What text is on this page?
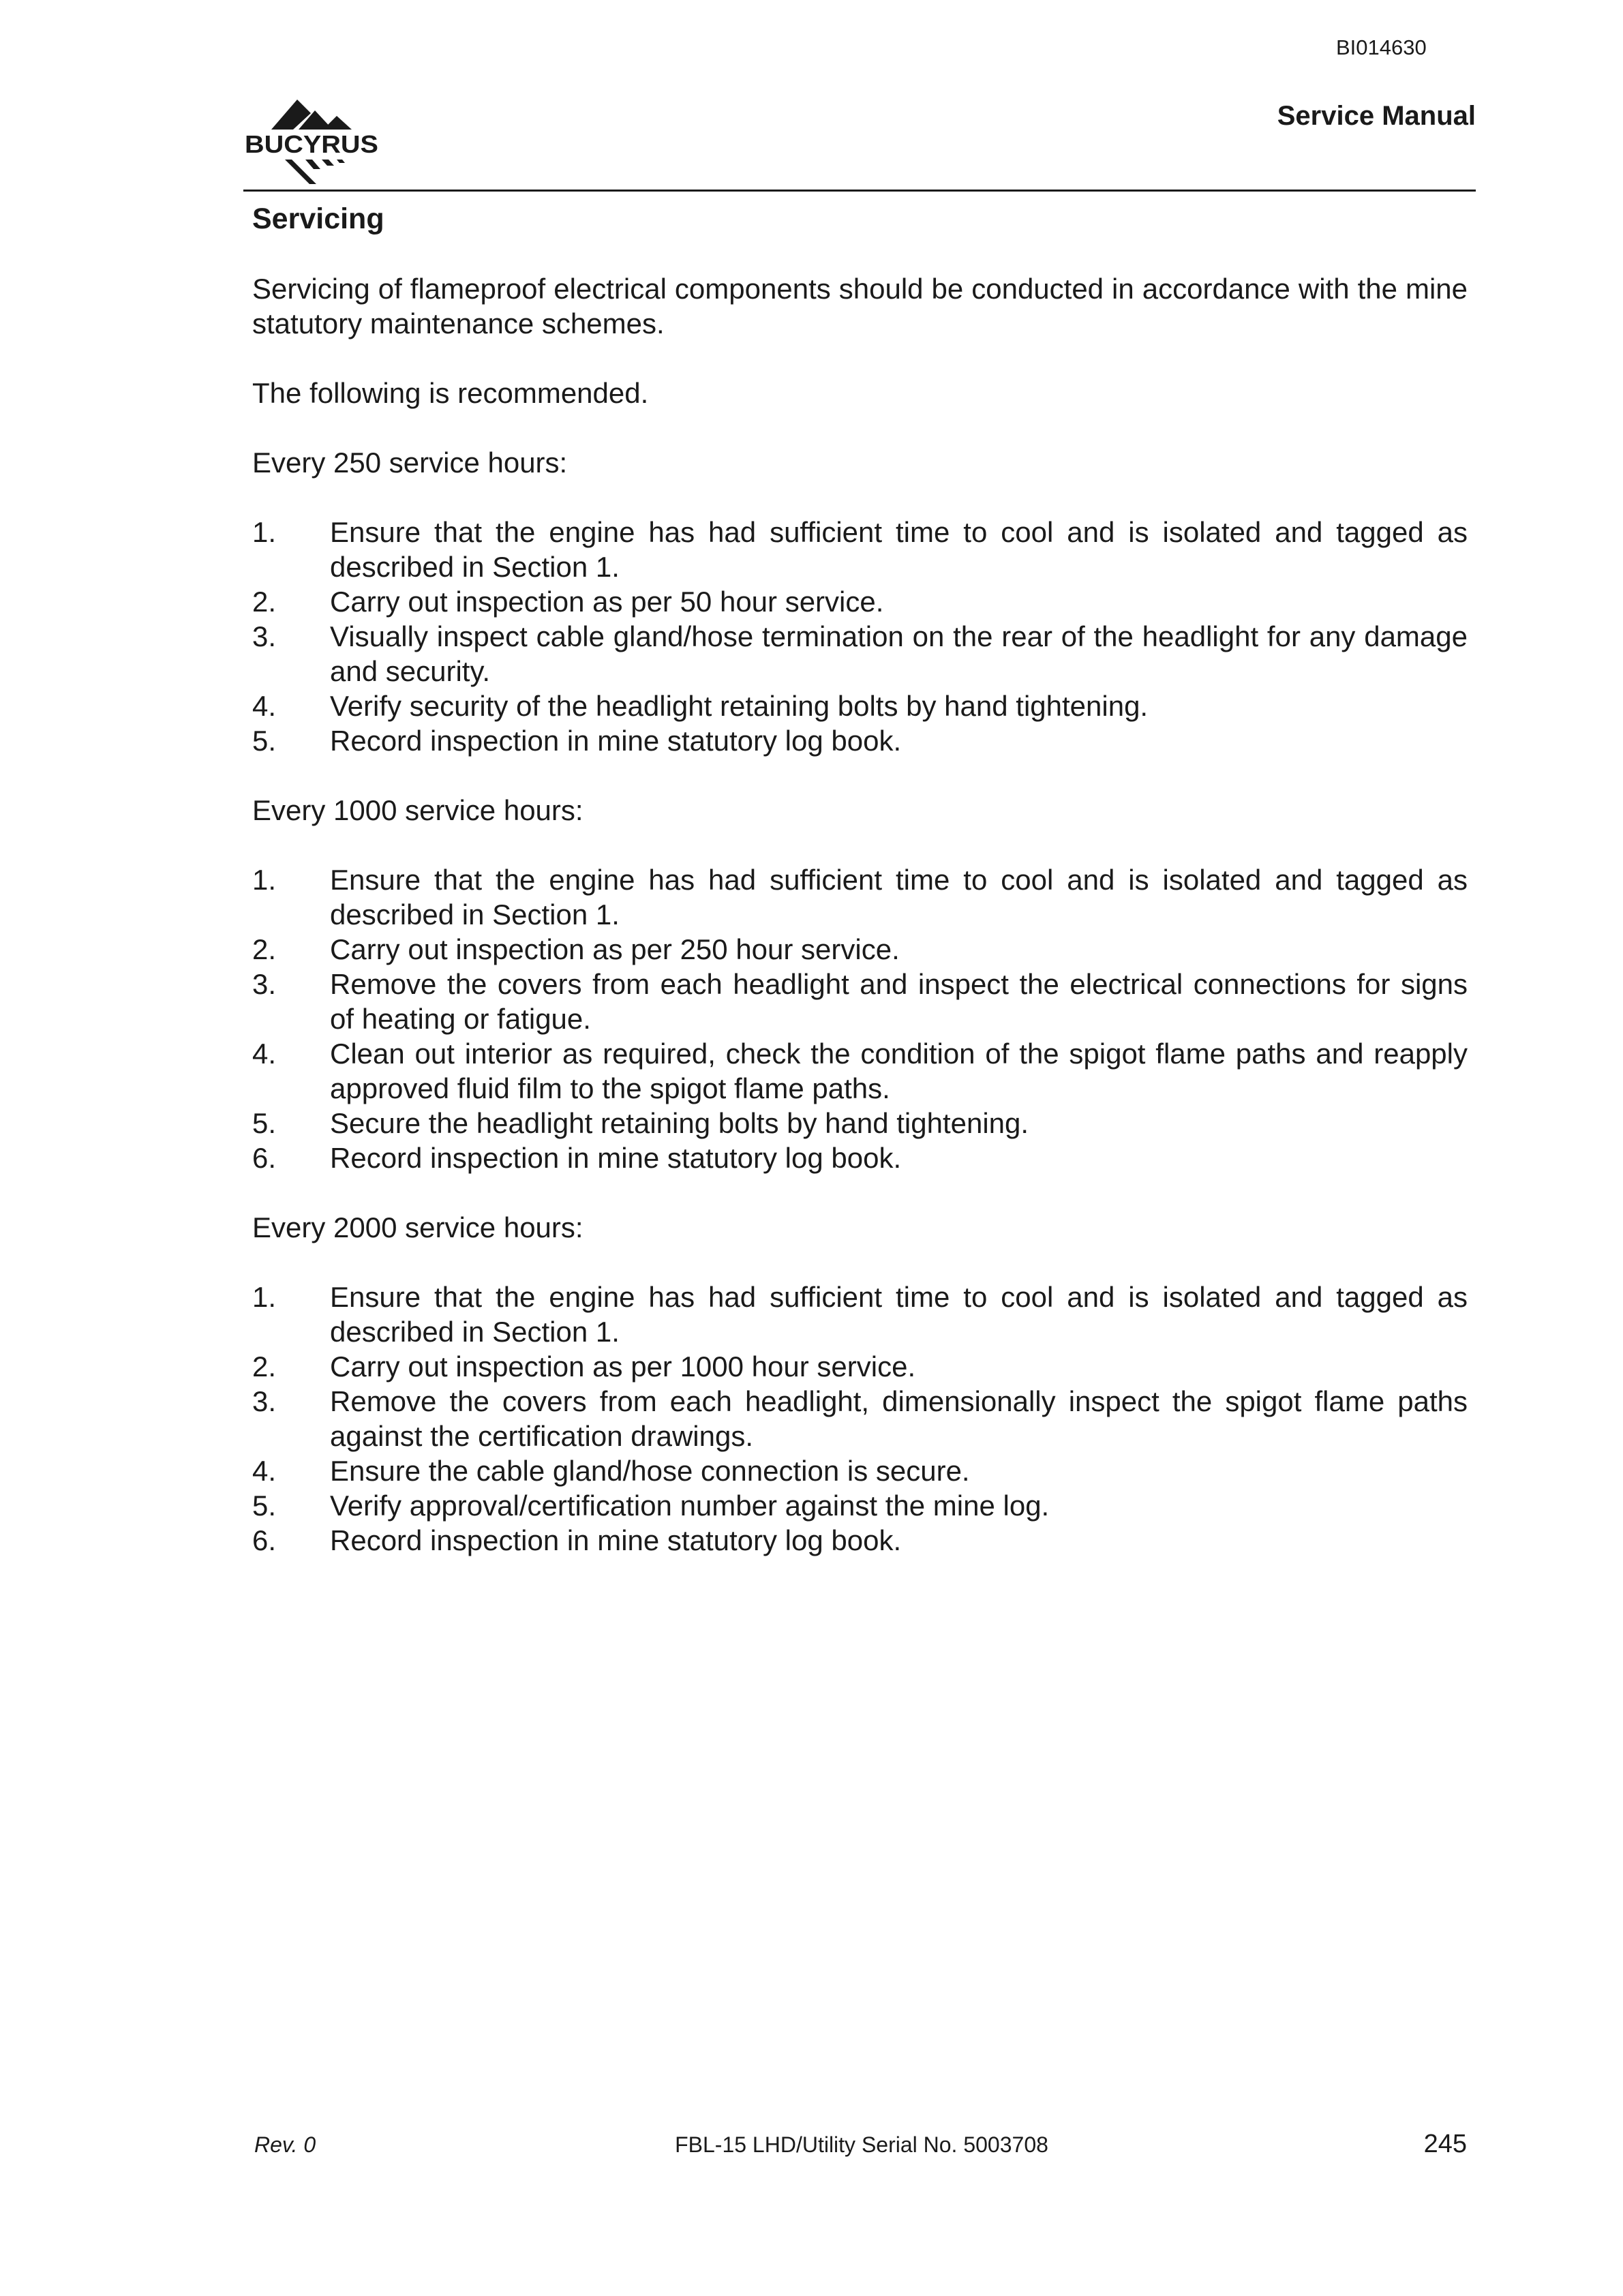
BI014630
BUCYRUS
Service Manual
Servicing

Servicing of flameproof electrical components should be conducted in accordance with the mine statutory maintenance schemes.

The following is recommended.

Every 250 service hours:

1.	Ensure that the engine has had sufficient time to cool and is isolated and tagged as described in Section 1.
2.	Carry out inspection as per 50 hour service.
3.	Visually inspect cable gland/hose termination on the rear of the headlight for any damage and security.
4.	Verify security of the headlight retaining bolts by hand tightening.
5.	Record inspection in mine statutory log book.

Every 1000 service hours:

1.	Ensure that the engine has had sufficient time to cool and is isolated and tagged as described in Section 1.
2.	Carry out inspection as per 250 hour service.
3.	Remove the covers from each headlight and inspect the electrical connections for signs of heating or fatigue.
4.	Clean out interior as required, check the condition of the spigot flame paths and reapply approved fluid film to the spigot flame paths.
5.	Secure the headlight retaining bolts by hand tightening.
6.	Record inspection in mine statutory log book.

Every 2000 service hours:

1.	Ensure that the engine has had sufficient time to cool and is isolated and tagged as described in Section 1.
2.	Carry out inspection as per 1000 hour service.
3.	Remove the covers from each headlight, dimensionally inspect the spigot flame paths against the certification drawings.
4.	Ensure the cable gland/hose connection is secure.
5.	Verify approval/certification number against the mine log.
6.	Record inspection in mine statutory log book.
Rev. 0	FBL-15 LHD/Utility Serial No. 5003708	245
